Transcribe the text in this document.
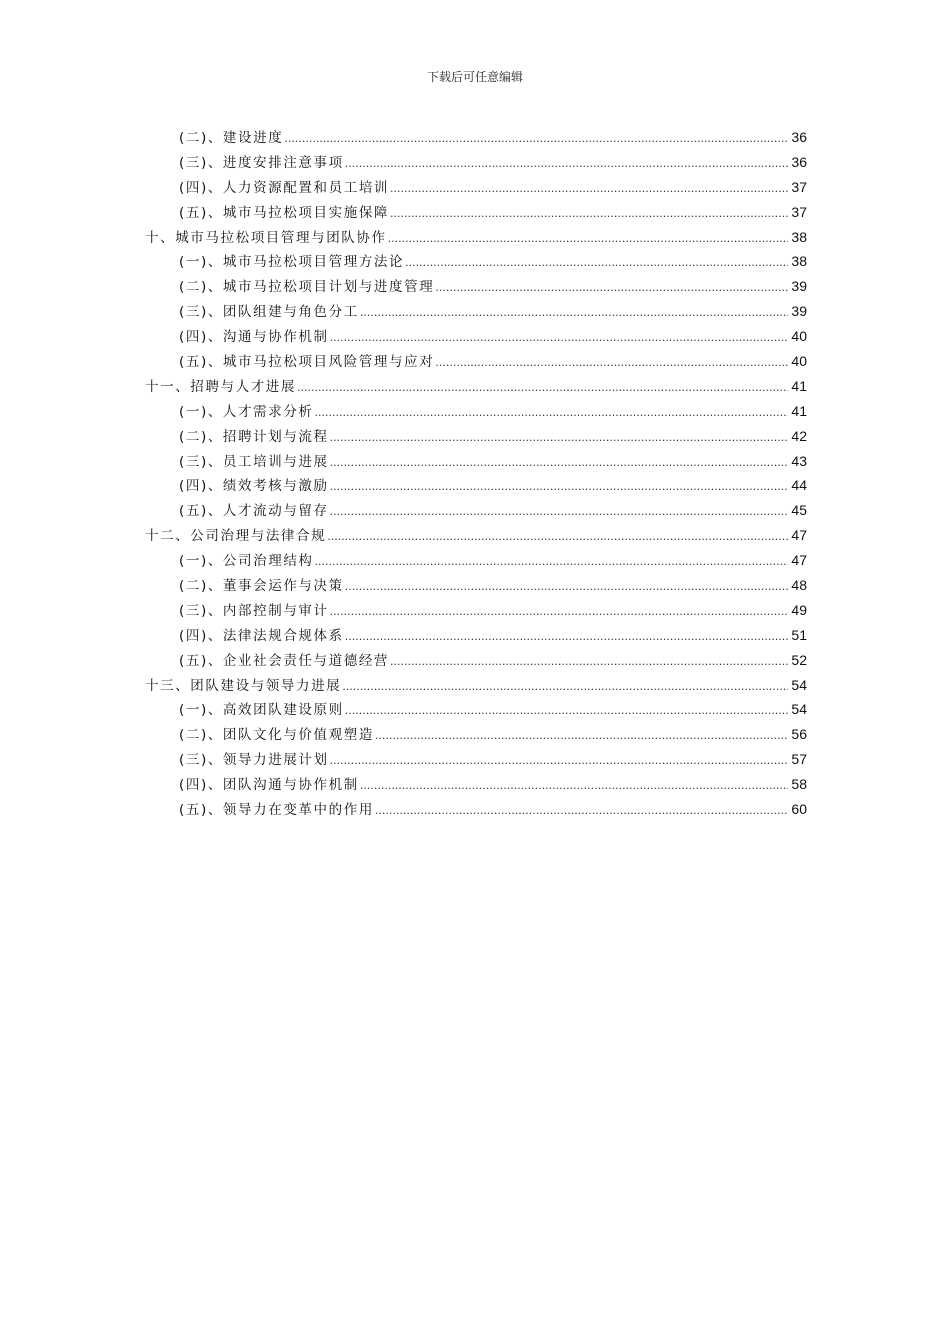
下载后可任意编辑
(二)、建设进度 .....	36
(三)、进度安排注意事项 .....	36
(四)、人力资源配置和员工培训 .....	37
(五)、城市马拉松项目实施保障 .....	37
十、城市马拉松项目管理与团队协作 .....	38
(一)、城市马拉松项目管理方法论 .....	38
(二)、城市马拉松项目计划与进度管理 .....	39
(三)、团队组建与角色分工 .....	39
(四)、沟通与协作机制 .....	40
(五)、城市马拉松项目风险管理与应对 .....	40
十一、招聘与人才进展 .....	41
(一)、人才需求分析 .....	41
(二)、招聘计划与流程 .....	42
(三)、员工培训与进展 .....	43
(四)、绩效考核与激励 .....	44
(五)、人才流动与留存 .....	45
十二、公司治理与法律合规 .....	47
(一)、公司治理结构 .....	47
(二)、董事会运作与决策 .....	48
(三)、内部控制与审计 .....	49
(四)、法律法规合规体系 .....	51
(五)、企业社会责任与道德经营 .....	52
十三、团队建设与领导力进展 .....	54
(一)、高效团队建设原则 .....	54
(二)、团队文化与价值观塑造 .....	56
(三)、领导力进展计划 .....	57
(四)、团队沟通与协作机制 .....	58
(五)、领导力在变革中的作用 .....	60
